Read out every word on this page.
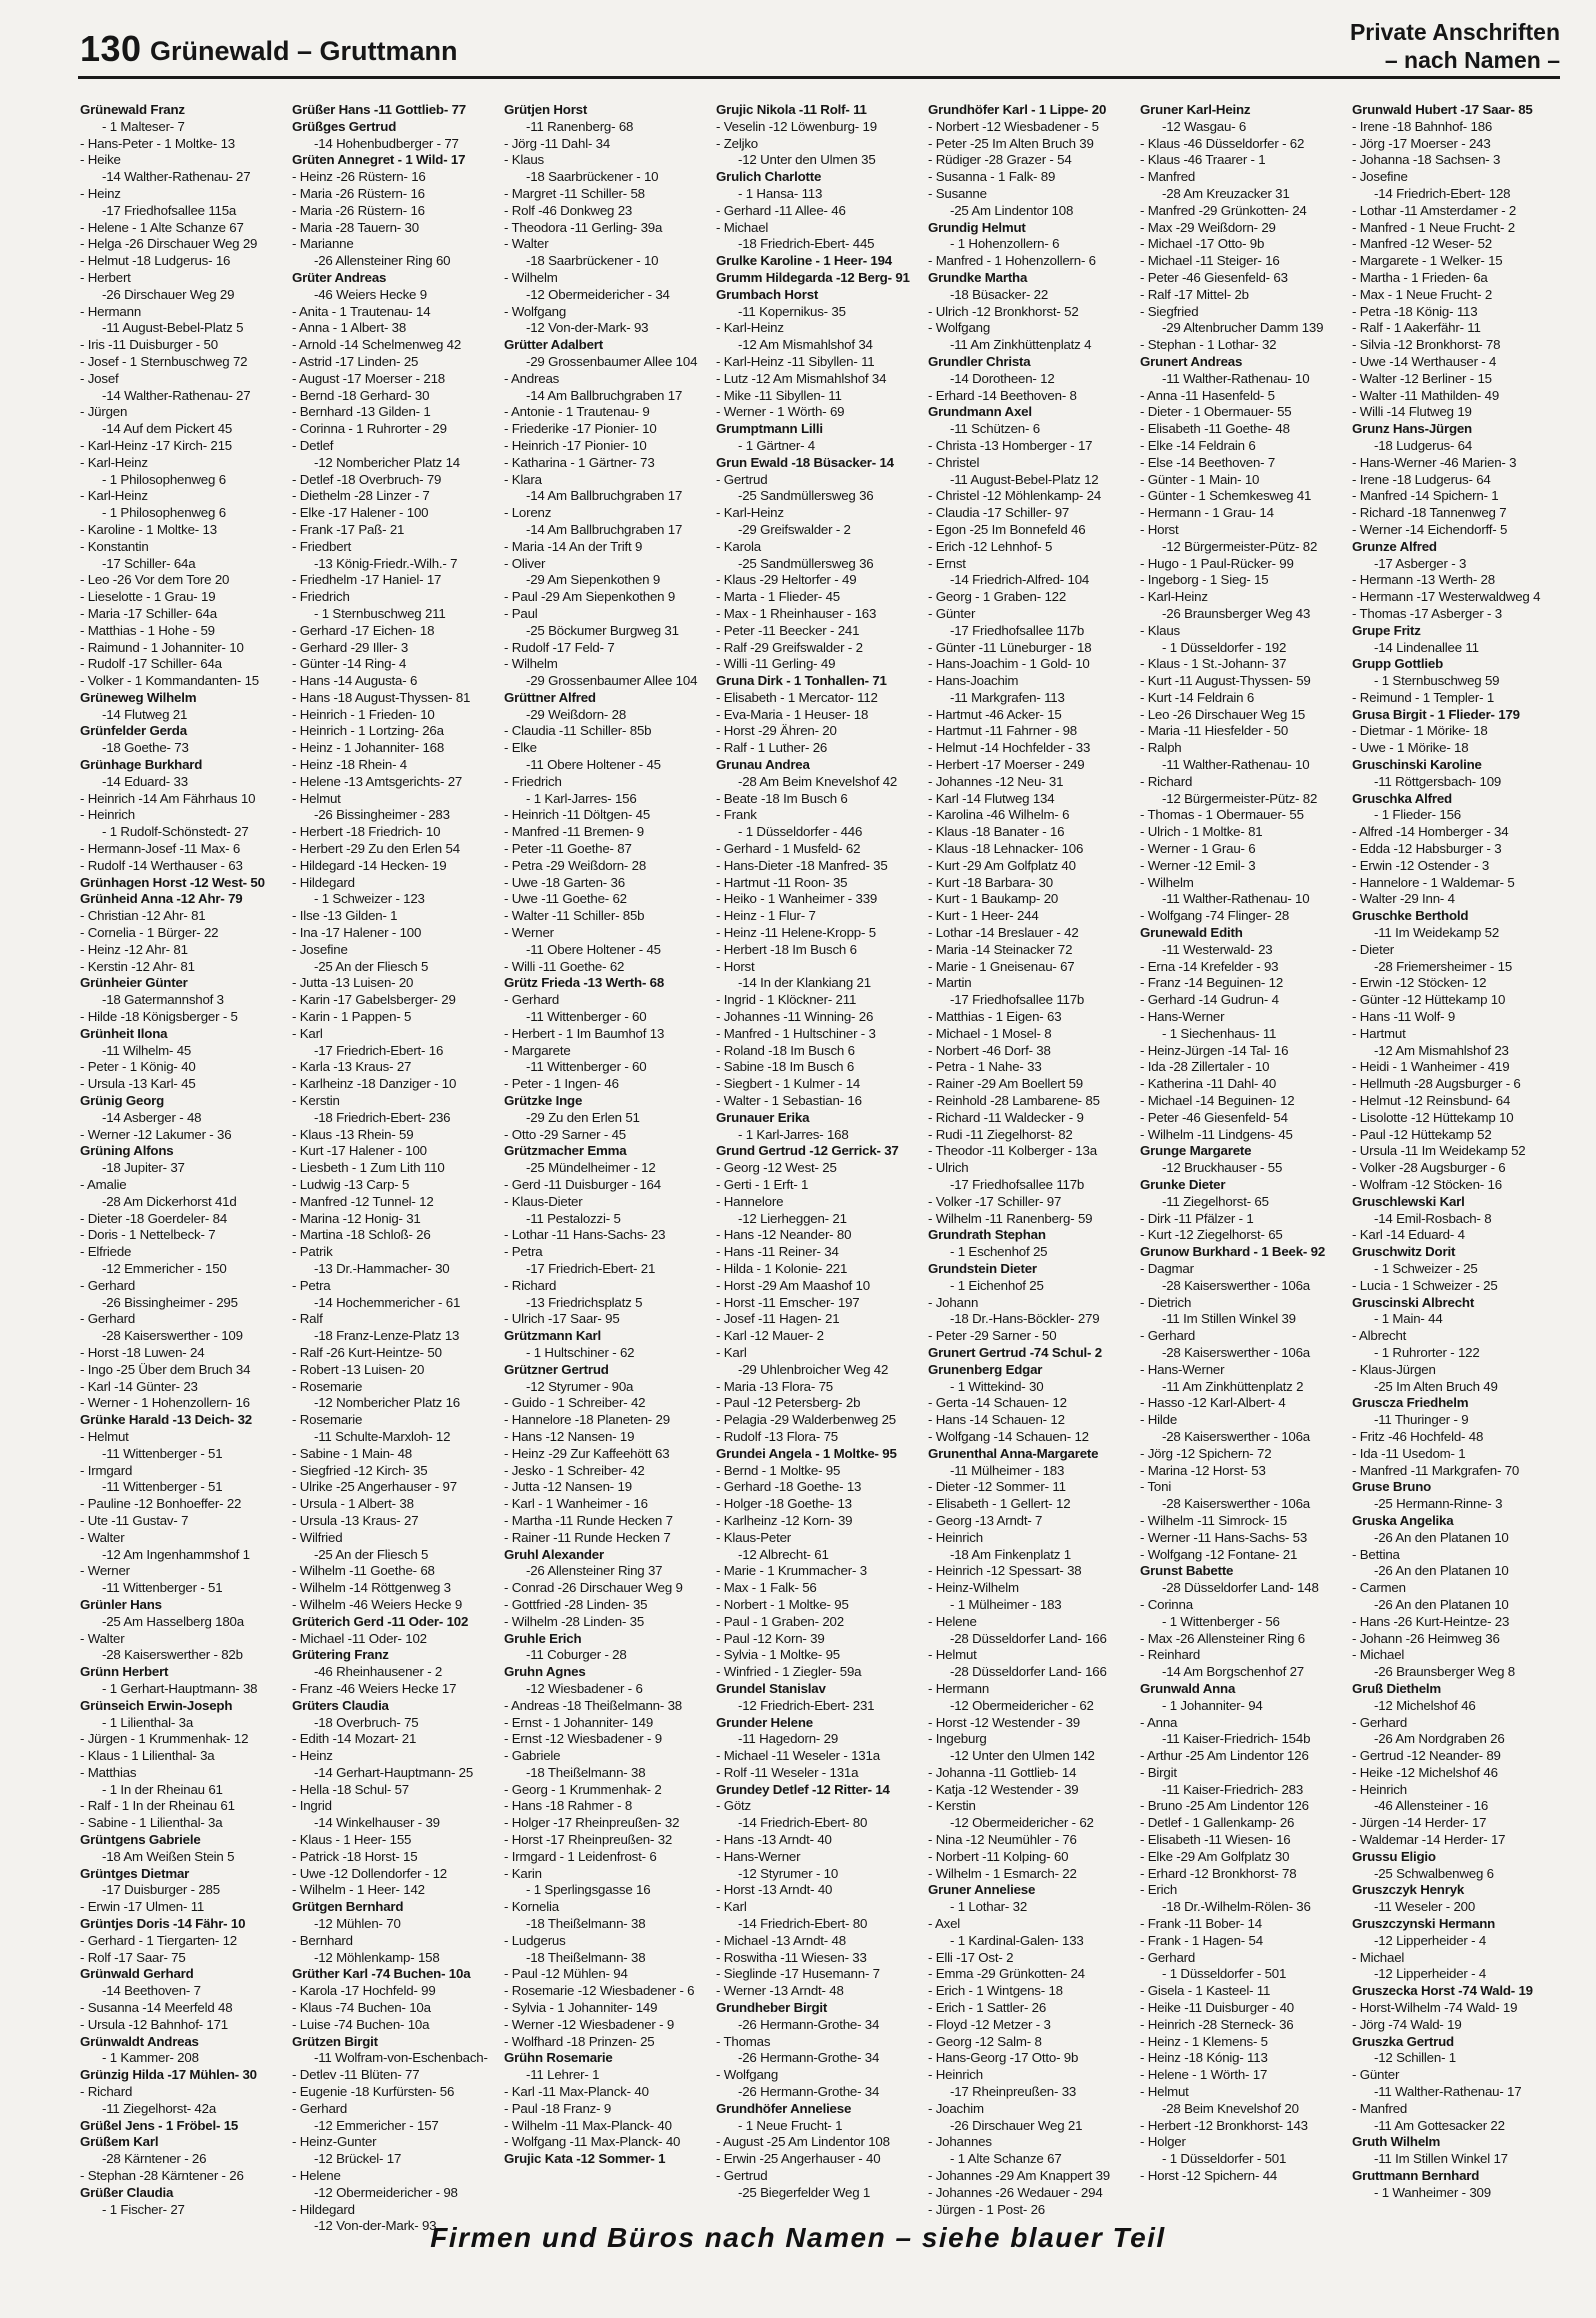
130 Grünewald – Gruttmann
Private Anschriften
– nach Namen –
Grünewald Franz
- 1 Malteser- 7
- Hans-Peter - 1 Moltke- 13
- Heike
-14 Walther-Rathenau- 27
- Heinz
-17 Friedhofsallee 115a
- Helene - 1 Alte Schanze 67
- Helga -26 Dirschauer Weg 29
- Helmut -18 Ludgerus- 16
- Herbert
-26 Dirschauer Weg 29
- Hermann
-11 August-Bebel-Platz 5
- Iris -11 Duisburger - 50
- Josef - 1 Sternbuschweg 72
- Josef
-14 Walther-Rathenau- 27
- Jürgen
-14 Auf dem Pickert 45
- Karl-Heinz -17 Kirch- 215
- Karl-Heinz
- 1 Philosophenweg 6
- Karl-Heinz
- 1 Philosophenweg 6
- Karoline - 1 Moltke- 13
- Konstantin
-17 Schiller- 64a
- Leo -26 Vor dem Tore 20
- Lieselotte - 1 Grau- 19
- Maria -17 Schiller- 64a
- Matthias - 1 Hohe - 59
- Raimund - 1 Johanniter- 10
- Rudolf -17 Schiller- 64a
- Volker - 1 Kommandanten- 15
Grüneweg Wilhelm
-14 Flutweg 21
Grünfelder Gerda
-18 Goethe- 73
Grünhage Burkhard
-14 Eduard- 33
- Heinrich -14 Am Fährhaus 10
- Heinrich
- 1 Rudolf-Schönstedt- 27
- Hermann-Josef -11 Max- 6
- Rudolf -14 Werthauser - 63
Grünhagen Horst -12 West- 50
Grünheid Anna -12 Ahr- 79
- Christian -12 Ahr- 81
- Cornelia - 1 Bürger- 22
- Heinz -12 Ahr- 81
- Kerstin -12 Ahr- 81
Grünheier Günter
-18 Gatermannshof 3
- Hilde -18 Königsberger - 5
Grünheit Ilona
-11 Wilhelm- 45
- Peter - 1 König- 40
- Ursula -13 Karl- 45
Grünig Georg
-14 Asberger - 48
- Werner -12 Lakumer - 36
Grüning Alfons
-18 Jupiter- 37
- Amalie
-28 Am Dickerhorst 41d
- Dieter -18 Goerdeler- 84
- Doris - 1 Nettelbeck- 7
- Elfriede
-12 Emmericher - 150
- Gerhard
-26 Bissingheimer - 295
- Gerhard
-28 Kaiserswerther - 109
- Horst -18 Luwen- 24
- Ingo -25 Über dem Bruch 34
- Karl -14 Günter- 23
- Werner - 1 Hohenzollern- 16
Grünke Harald -13 Deich- 32
- Helmut
-11 Wittenberger - 51
- Irmgard
-11 Wittenberger - 51
- Pauline -12 Bonhoeffer- 22
- Ute -11 Gustav- 7
- Walter
-12 Am Ingenhammshof 1
- Werner
-11 Wittenberger - 51
Grünler Hans
-25 Am Hasselberg 180a
- Walter
-28 Kaiserswerther - 82b
Grünn Herbert
- 1 Gerhart-Hauptmann- 38
Grünseich Erwin-Joseph
- 1 Lilienthal- 3a
- Jürgen - 1 Krummenhak- 12
- Klaus - 1 Lilienthal- 3a
- Matthias
- 1 In der Rheinau 61
- Ralf - 1 In der Rheinau 61
- Sabine - 1 Lilienthal- 3a
Grüntgens Gabriele
-18 Am Weißen Stein 5
Grüntges Dietmar
-17 Duisburger - 285
- Erwin -17 Ulmen- 11
Grüntjes Doris -14 Fähr- 10
- Gerhard - 1 Tiergarten- 12
- Rolf -17 Saar- 75
Grünwald Gerhard
-14 Beethoven- 7
- Susanna -14 Meerfeld 48
- Ursula -12 Bahnhof- 171
Grünwaldt Andreas
- 1 Kammer- 208
Grünzig Hilda -17 Mühlen- 30
- Richard
-11 Ziegelhorst- 42a
Grüßel Jens - 1 Fröbel- 15
Grüßem Karl
-28 Kärntener - 26
- Stephan -28 Kärntener - 26
Grüßer Claudia
- 1 Fischer- 27
Grüßer Hans -11 Gottlieb- 77
Grüßges Gertrud
-14 Hohenbudberger - 77
Grüten Annegret - 1 Wild- 17
- Heinz -26 Rüstern- 16
- Maria -26 Rüstern- 16
- Maria -26 Rüstern- 16
- Maria -28 Tauern- 30
- Marianne
-26 Allensteiner Ring 60
Grüter Andreas
-46 Weiers Hecke 9
- Anita - 1 Trautenau- 14
- Anna - 1 Albert- 38
- Arnold -14 Schelmenweg 42
- Astrid -17 Linden- 25
- August -17 Moerser - 218
- Bernd -18 Gerhard- 30
- Bernhard -13 Gilden- 1
- Corinna - 1 Ruhrorter - 29
- Detlef
-12 Nombericher Platz 14
- Detlef -18 Overbruch- 79
- Diethelm -28 Linzer - 7
- Elke -17 Halener - 100
- Frank -17 Paß- 21
- Friedbert
-13 König-Friedr.-Wilh.- 7
- Friedhelm -17 Haniel- 17
- Friedrich
- 1 Sternbuschweg 211
- Gerhard -17 Eichen- 18
- Gerhard -29 Iller- 3
- Günter -14 Ring- 4
- Hans -14 Augusta- 6
- Hans -18 August-Thyssen- 81
- Heinrich - 1 Frieden- 10
- Heinrich - 1 Lortzing- 26a
- Heinz - 1 Johanniter- 168
- Heinz -18 Rhein- 4
- Helene -13 Amtsgerichts- 27
- Helmut
-26 Bissingheimer - 283
- Herbert -18 Friedrich- 10
- Herbert -29 Zu den Erlen 54
- Hildegard -14 Hecken- 19
- Hildegard
- 1 Schweizer - 123
- Ilse -13 Gilden- 1
- Ina -17 Halener - 100
- Josefine
-25 An der Fliesch 5
- Jutta -13 Luisen- 20
- Karin -17 Gabelsberger- 29
- Karin - 1 Pappen- 5
- Karl
-17 Friedrich-Ebert- 16
- Karla -13 Kraus- 27
- Karlheinz -18 Danziger - 10
- Kerstin
-18 Friedrich-Ebert- 236
- Klaus -13 Rhein- 59
- Kurt -17 Halener - 100
- Liesbeth - 1 Zum Lith 110
- Ludwig -13 Carp- 5
- Manfred -12 Tunnel- 12
- Marina -12 Honig- 31
- Martina -18 Schloß- 26
- Patrik
-13 Dr.-Hammacher- 30
- Petra
-14 Hochemmericher - 61
- Ralf
-18 Franz-Lenze-Platz 13
- Ralf -26 Kurt-Heintze- 50
- Robert -13 Luisen- 20
- Rosemarie
-12 Nombericher Platz 16
- Rosemarie
-11 Schulte-Marxloh- 12
- Sabine - 1 Main- 48
- Siegfried -12 Kirch- 35
- Ulrike -25 Angerhauser - 97
- Ursula - 1 Albert- 38
- Ursula -13 Kraus- 27
- Wilfried
-25 An der Fliesch 5
- Wilhelm -11 Goethe- 68
- Wilhelm -14 Röttgenweg 3
- Wilhelm -46 Weiers Hecke 9
Grüterich Gerd -11 Oder- 102
- Michael -11 Oder- 102
Grütering Franz
-46 Rheinhausener - 2
- Franz -46 Weiers Hecke 17
Grüters Claudia
-18 Overbruch- 75
- Edith -14 Mozart- 21
- Heinz
-14 Gerhart-Hauptmann- 25
- Hella -18 Schul- 57
- Ingrid
-14 Winkelhauser - 39
- Klaus - 1 Heer- 155
- Patrick -18 Horst- 15
- Uwe -12 Dollendorfer - 12
- Wilhelm - 1 Heer- 142
Grütgen Bernhard
-12 Mühlen- 70
- Bernhard
-12 Möhlenkamp- 158
Grüther Karl -74 Buchen- 10a
- Karola -17 Hochfeld- 99
- Klaus -74 Buchen- 10a
- Luise -74 Buchen- 10a
Grützen Birgit
-11 Wolfram-von-Eschenbach-
- Detlev -11 Blüten- 77
- Eugenie -18 Kurfürsten- 56
- Gerhard
-12 Emmericher - 157
- Heinz-Gunter
-12 Brückel- 17
- Helene
-12 Obermeidericher - 98
- Hildegard
-12 Von-der-Mark- 93
Grütjen Horst
-11 Ranenberg- 68
- Jörg -11 Dahl- 34
- Klaus
-18 Saarbrückener - 10
- Margret -11 Schiller- 58
- Rolf -46 Donkweg 23
- Theodora -11 Gerling- 39a
- Walter
-18 Saarbrückener - 10
- Wilhelm
-12 Obermeidericher - 34
- Wolfgang
-12 Von-der-Mark- 93
Grütter Adalbert
-29 Grossenbaumer Allee 104
- Andreas
-14 Am Ballbruchgraben 17
- Antonie - 1 Trautenau- 9
- Friederike -17 Pionier- 10
- Heinrich -17 Pionier- 10
- Katharina - 1 Gärtner- 73
- Klara
-14 Am Ballbruchgraben 17
- Lorenz
-14 Am Ballbruchgraben 17
- Maria -14 An der Trift 9
- Oliver
-29 Am Siepenkothen 9
- Paul -29 Am Siepenkothen 9
- Paul
-25 Böckumer Burgweg 31
- Rudolf -17 Feld- 7
- Wilhelm
-29 Grossenbaumer Allee 104
Grüttner Alfred
-29 Weißdorn- 28
- Claudia -11 Schiller- 85b
- Elke
-11 Obere Holtener - 45
- Friedrich
- 1 Karl-Jarres- 156
- Heinrich -11 Döltgen- 45
- Manfred -11 Bremen- 9
- Peter -11 Goethe- 87
- Petra -29 Weißdorn- 28
- Uwe -18 Garten- 36
- Uwe -11 Goethe- 62
- Walter -11 Schiller- 85b
- Werner
-11 Obere Holtener - 45
- Willi -11 Goethe- 62
Grütz Frieda -13 Werth- 68
- Gerhard
-11 Wittenberger - 60
- Herbert - 1 Im Baumhof 13
- Margarete
-11 Wittenberger - 60
- Peter - 1 Ingen- 46
Grützke Inge
-29 Zu den Erlen 51
- Otto -29 Sarner - 45
Grützmacher Emma
-25 Mündelheimer - 12
- Gerd -11 Duisburger - 164
- Klaus-Dieter
-11 Pestalozzi- 5
- Lothar -11 Hans-Sachs- 23
- Petra
-17 Friedrich-Ebert- 21
- Richard
-13 Friedrichsplatz 5
- Ulrich -17 Saar- 95
Grützmann Karl
- 1 Hultschiner - 62
Grützner Gertrud
-12 Styrumer - 90a
- Guido - 1 Schreiber- 42
- Hannelore -18 Planeten- 29
- Hans -12 Nansen- 19
- Heinz -29 Zur Kaffeehött 63
- Jesko - 1 Schreiber- 42
- Jutta -12 Nansen- 19
- Karl - 1 Wanheimer - 16
- Martha -11 Runde Hecken 7
- Rainer -11 Runde Hecken 7
Gruhl Alexander
-26 Allensteiner Ring 37
- Conrad -26 Dirschauer Weg 9
- Gottfried -28 Linden- 35
- Wilhelm -28 Linden- 35
Gruhle Erich
-11 Coburger - 28
Gruhn Agnes
-12 Wiesbadener - 6
- Andreas -18 Theißelmann- 38
- Ernst - 1 Johanniter- 149
- Ernst -12 Wiesbadener - 9
- Gabriele
-18 Theißelmann- 38
- Georg - 1 Krummenhak- 2
- Hans -18 Rahmer - 8
- Holger -17 Rheinpreußen- 32
- Horst -17 Rheinpreußen- 32
- Irmgard - 1 Leidenfrost- 6
- Karin
- 1 Sperlingsgasse 16
- Kornelia
-18 Theißelmann- 38
- Ludgerus
-18 Theißelmann- 38
- Paul -12 Mühlen- 94
- Rosemarie -12 Wiesbadener - 6
- Sylvia - 1 Johanniter- 149
- Werner -12 Wiesbadener - 9
- Wolfhard -18 Prinzen- 25
Grühn Rosemarie
-11 Lehrer- 1
- Karl -11 Max-Planck- 40
- Paul -18 Franz- 9
- Wilhelm -11 Max-Planck- 40
- Wolfgang -11 Max-Planck- 40
Grujic Kata -12 Sommer- 1
Grujic Nikola -11 Rolf- 11
- Veselin -12 Löwenburg- 19
- Zeljko
-12 Unter den Ulmen 35
Grulich Charlotte
- 1 Hansa- 113
- Gerhard -11 Allee- 46
- Michael
-18 Friedrich-Ebert- 445
Grulke Karoline - 1 Heer- 194
Grumm Hildegarda -12 Berg- 91
Grumbach Horst
-11 Kopernikus- 35
- Karl-Heinz
-12 Am Mismahlshof 34
- Karl-Heinz -11 Sibyllen- 11
- Lutz -12 Am Mismahlshof 34
- Mike -11 Sibyllen- 11
- Werner - 1 Wörth- 69
Grumptmann Lilli
- 1 Gärtner- 4
Grun Ewald -18 Büsacker- 14
- Gertrud
-25 Sandmüllersweg 36
- Karl-Heinz
-29 Greifswalder - 2
- Karola
-25 Sandmüllersweg 36
- Klaus -29 Heltorfer - 49
- Marta - 1 Flieder- 45
- Max - 1 Rheinhauser - 163
- Peter -11 Beecker - 241
- Ralf -29 Greifswalder - 2
- Willi -11 Gerling- 49
Gruna Dirk - 1 Tonhallen- 71
- Elisabeth - 1 Mercator- 112
- Eva-Maria - 1 Heuser- 18
- Horst -29 Ähren- 20
- Ralf - 1 Luther- 26
Grunau Andrea
-28 Am Beim Knevelshof 42
- Beate -18 Im Busch 6
- Frank
- 1 Düsseldorfer - 446
- Gerhard - 1 Musfeld- 62
- Hans-Dieter -18 Manfred- 35
- Hartmut -11 Roon- 35
- Heiko - 1 Wanheimer - 339
- Heinz - 1 Flur- 7
- Heinz -11 Helene-Kropp- 5
- Herbert -18 Im Busch 6
- Horst
-14 In der Klankiang 21
- Ingrid - 1 Klöckner- 211
- Johannes -11 Winning- 26
- Manfred - 1 Hultschiner - 3
- Roland -18 Im Busch 6
- Sabine -18 Im Busch 6
- Siegbert - 1 Kulmer - 14
- Walter - 1 Sebastian- 16
Grunauer Erika
- 1 Karl-Jarres- 168
Grund Gertrud -12 Gerrick- 37
- Georg -12 West- 25
- Gerti - 1 Erft- 1
- Hannelore
-12 Lierheggen- 21
- Hans -12 Neander- 80
- Hans -11 Reiner- 34
- Hilda - 1 Kolonie- 221
- Horst -29 Am Maashof 10
- Horst -11 Emscher- 197
- Josef -11 Hagen- 21
- Karl -12 Mauer- 2
- Karl
-29 Uhlenbroicher Weg 42
- Maria -13 Flora- 75
- Paul -12 Petersberg- 2b
- Pelagia -29 Walderbenweg 25
- Rudolf -13 Flora- 75
Grundei Angela - 1 Moltke- 95
- Bernd - 1 Moltke- 95
- Gerhard -18 Goethe- 13
- Holger -18 Goethe- 13
- Karlheinz -12 Korn- 39
- Klaus-Peter
-12 Albrecht- 61
- Marie - 1 Krummacher- 3
- Max - 1 Falk- 56
- Norbert - 1 Moltke- 95
- Paul - 1 Graben- 202
- Paul -12 Korn- 39
- Sylvia - 1 Moltke- 95
- Winfried - 1 Ziegler- 59a
Grundel Stanislav
-12 Friedrich-Ebert- 231
Grunder Helene
-11 Hagedorn- 29
- Michael -11 Weseler - 131a
- Rolf -11 Weseler - 131a
Grundey Detlef -12 Ritter- 14
- Götz
-14 Friedrich-Ebert- 80
- Hans -13 Arndt- 40
- Hans-Werner
-12 Styrumer - 10
- Horst -13 Arndt- 40
- Karl
-14 Friedrich-Ebert- 80
- Michael -13 Arndt- 48
- Roswitha -11 Wiesen- 33
- Sieglinde -17 Husemann- 7
- Werner -13 Arndt- 48
Grundheber Birgit
-26 Hermann-Grothe- 34
- Thomas
-26 Hermann-Grothe- 34
- Wolfgang
-26 Hermann-Grothe- 34
Grundhöfer Anneliese
- 1 Neue Frucht- 1
- August -25 Am Lindentor 108
- Erwin -25 Angerhauser - 40
- Gertrud
-25 Biegerfelder Weg 1
Grundhöfer Karl - 1 Lippe- 20
- Norbert -12 Wiesbadener - 5
- Peter -25 Im Alten Bruch 39
- Rüdiger -28 Grazer - 54
- Susanna - 1 Falk- 89
- Susanne
-25 Am Lindentor 108
Grundig Helmut
- 1 Hohenzollern- 6
- Manfred - 1 Hohenzollern- 6
Grundke Martha
-18 Büsacker- 22
- Ulrich -12 Bronkhorst- 52
- Wolfgang
-11 Am Zinkhüttenplatz 4
Grundler Christa
-14 Dorotheen- 12
- Erhard -14 Beethoven- 8
Grundmann Axel
-11 Schützen- 6
- Christa -13 Homberger - 17
- Christel
-11 August-Bebel-Platz 12
- Christel -12 Möhlenkamp- 24
- Claudia -17 Schiller- 97
- Egon -25 Im Bonnefeld 46
- Erich -12 Lehnhof- 5
- Ernst
-14 Friedrich-Alfred- 104
- Georg - 1 Graben- 122
- Günter
-17 Friedhofsallee 117b
- Günter -11 Lüneburger - 18
- Hans-Joachim - 1 Gold- 10
- Hans-Joachim
-11 Markgrafen- 113
- Hartmut -46 Acker- 15
- Hartmut -11 Fahrner - 98
- Helmut -14 Hochfelder - 33
- Herbert -17 Moerser - 249
- Johannes -12 Neu- 31
- Karl -14 Flutweg 134
- Karolina -46 Wilhelm- 6
- Klaus -18 Banater - 16
- Klaus -18 Lehnacker- 106
- Kurt -29 Am Golfplatz 40
- Kurt -18 Barbara- 30
- Kurt - 1 Baukamp- 20
- Kurt - 1 Heer- 244
- Lothar -14 Breslauer - 42
- Maria -14 Steinacker 72
- Marie - 1 Gneisenau- 67
- Martin
-17 Friedhofsallee 117b
- Matthias - 1 Eigen- 63
- Michael - 1 Mosel- 8
- Norbert -46 Dorf- 38
- Petra - 1 Nahe- 33
- Rainer -29 Am Boellert 59
- Reinhold -28 Lambarene- 85
- Richard -11 Waldecker - 9
- Rudi -11 Ziegelhorst- 82
- Theodor -11 Kolberger - 13a
- Ulrich
-17 Friedhofsallee 117b
- Volker -17 Schiller- 97
- Wilhelm -11 Ranenberg- 59
Grundrath Stephan
- 1 Eschenhof 25
Grundstein Dieter
- 1 Eichenhof 25
- Johann
-18 Dr.-Hans-Böckler- 279
- Peter -29 Sarner - 50
Grunert Gertrud -74 Schul- 2
Grunenberg Edgar
- 1 Wittekind- 30
- Gerta -14 Schauen- 12
- Hans -14 Schauen- 12
- Wolfgang -14 Schauen- 12
Grunenthal Anna-Margarete
-11 Mülheimer - 183
- Dieter -12 Sommer- 11
- Elisabeth - 1 Gellert- 12
- Georg -13 Arndt- 7
- Heinrich
-18 Am Finkenplatz 1
- Heinrich -12 Spessart- 38
- Heinz-Wilhelm
- 1 Mülheimer - 183
- Helene
-28 Düsseldorfer Land- 166
- Helmut
-28 Düsseldorfer Land- 166
- Hermann
-12 Obermeidericher - 62
- Horst -12 Westender - 39
- Ingeburg
-12 Unter den Ulmen 142
- Johanna -11 Gottlieb- 14
- Katja -12 Westender - 39
- Kerstin
-12 Obermeidericher - 62
- Nina -12 Neumühler - 76
- Norbert -11 Kolping- 60
- Wilhelm - 1 Esmarch- 22
Gruner Anneliese
- 1 Lothar- 32
- Axel
- 1 Kardinal-Galen- 133
- Elli -17 Ost- 2
- Emma -29 Grünkotten- 24
- Erich - 1 Wintgens- 18
- Erich - 1 Sattler- 26
- Floyd -12 Metzer - 3
- Georg -12 Salm- 8
- Hans-Georg -17 Otto- 9b
- Heinrich
-17 Rheinpreußen- 33
- Joachim
-26 Dirschauer Weg 21
- Johannes
- 1 Alte Schanze 67
- Johannes -29 Am Knappert 39
- Johannes -26 Wedauer - 294
- Jürgen - 1 Post- 26
Gruner Karl-Heinz
-12 Wasgau- 6
- Klaus -46 Düsseldorfer - 62
- Klaus -46 Traarer - 1
- Manfred
-28 Am Kreuzacker 31
- Manfred -29 Grünkotten- 24
- Max -29 Weißdorn- 29
- Michael -17 Otto- 9b
- Michael -11 Steiger- 16
- Peter -46 Giesenfeld- 63
- Ralf -17 Mittel- 2b
- Siegfried
-29 Altenbrucher Damm 139
- Stephan - 1 Lothar- 32
Grunert Andreas
-11 Walther-Rathenau- 10
- Anna -11 Hasenfeld- 5
- Dieter - 1 Obermauer- 55
- Elisabeth -11 Goethe- 48
- Elke -14 Feldrain 6
- Else -14 Beethoven- 7
- Günter - 1 Main- 10
- Günter - 1 Schemkesweg 41
- Hermann - 1 Grau- 14
- Horst
-12 Bürgermeister-Pütz- 82
- Hugo - 1 Paul-Rücker- 99
- Ingeborg - 1 Sieg- 15
- Karl-Heinz
-26 Braunsberger Weg 43
- Klaus
- 1 Düsseldorfer - 192
- Klaus - 1 St.-Johann- 37
- Kurt -11 August-Thyssen- 59
- Kurt -14 Feldrain 6
- Leo -26 Dirschauer Weg 15
- Maria -11 Hiesfelder - 50
- Ralph
-11 Walther-Rathenau- 10
- Richard
-12 Bürgermeister-Pütz- 82
- Thomas - 1 Obermauer- 55
- Ulrich - 1 Moltke- 81
- Werner - 1 Grau- 6
- Werner -12 Emil- 3
- Wilhelm
-11 Walther-Rathenau- 10
- Wolfgang -74 Flinger- 28
Grunewald Edith
-11 Westerwald- 23
- Erna -14 Krefelder - 93
- Franz -14 Beguinen- 12
- Gerhard -14 Gudrun- 4
- Hans-Werner
- 1 Siechenhaus- 11
- Heinz-Jürgen -14 Tal- 16
- Ida -28 Zillertaler - 10
- Katherina -11 Dahl- 40
- Michael -14 Beguinen- 12
- Peter -46 Giesenfeld- 54
- Wilhelm -11 Lindgens- 45
Grunge Margarete
-12 Bruckhauser - 55
Grunke Dieter
-11 Ziegelhorst- 65
- Dirk -11 Pfälzer - 1
- Kurt -12 Ziegelhorst- 65
Grunow Burkhard - 1 Beek- 92
- Dagmar
-28 Kaiserswerther - 106a
- Dietrich
-11 Im Stillen Winkel 39
- Gerhard
-28 Kaiserswerther - 106a
- Hans-Werner
-11 Am Zinkhüttenplatz 2
- Hasso -12 Karl-Albert- 4
- Hilde
-28 Kaiserswerther - 106a
- Jörg -12 Spichern- 72
- Marina -12 Horst- 53
- Toni
-28 Kaiserswerther - 106a
- Wilhelm -11 Simrock- 15
- Werner -11 Hans-Sachs- 53
- Wolfgang -12 Fontane- 21
Grunst Babette
-28 Düsseldorfer Land- 148
- Corinna
- 1 Wittenberger - 56
- Max -26 Allensteiner Ring 6
- Reinhard
-14 Am Borgschenhof 27
Grunwald Anna
- 1 Johanniter- 94
- Anna
-11 Kaiser-Friedrich- 154b
- Arthur -25 Am Lindentor 126
- Birgit
-11 Kaiser-Friedrich- 283
- Bruno -25 Am Lindentor 126
- Detlef - 1 Gallenkamp- 26
- Elisabeth -11 Wiesen- 16
- Elke -29 Am Golfplatz 30
- Erhard -12 Bronkhorst- 78
- Erich
-18 Dr.-Wilhelm-Rölen- 36
- Frank -11 Bober- 14
- Frank - 1 Hagen- 54
- Gerhard
- 1 Düsseldorfer - 501
- Gisela - 1 Kasteel- 11
- Heike -11 Duisburger - 40
- Heinrich -28 Sterneck- 36
- Heinz - 1 Klemens- 5
- Heinz -18 Kónig- 113
- Helene - 1 Wörth- 17
- Helmut
-28 Beim Knevelshof 20
- Herbert -12 Bronkhorst- 143
- Holger
- 1 Düsseldorfer - 501
- Horst -12 Spichern- 44
Grunwald Hubert -17 Saar- 85
- Irene -18 Bahnhof- 186
- Jörg -17 Moerser - 243
- Johanna -18 Sachsen- 3
- Josefine
-14 Friedrich-Ebert- 128
- Lothar -11 Amsterdamer - 2
- Manfred - 1 Neue Frucht- 2
- Manfred -12 Weser- 52
- Margarete - 1 Welker- 15
- Martha - 1 Frieden- 6a
- Max - 1 Neue Frucht- 2
- Petra -18 König- 113
- Ralf - 1 Aakerfähr- 11
- Silvia -12 Bronkhorst- 78
- Uwe -14 Werthauser - 4
- Walter -12 Berliner - 15
- Walter -11 Mathilden- 49
- Willi -14 Flutweg 19
Grunz Hans-Jürgen
-18 Ludgerus- 64
- Hans-Werner -46 Marien- 3
- Irene -18 Ludgerus- 64
- Manfred -14 Spichern- 1
- Richard -18 Tannenweg 7
- Werner -14 Eichendorff- 5
Grunze Alfred
-17 Asberger - 3
- Hermann -13 Werth- 28
- Hermann -17 Westerwaldweg 4
- Thomas -17 Asberger - 3
Grupe Fritz
-14 Lindenallee 11
Grupp Gottlieb
- 1 Sternbuschweg 59
- Reimund - 1 Templer- 1
Grusa Birgit - 1 Flieder- 179
- Dietmar - 1 Mörike- 18
- Uwe - 1 Mörike- 18
Gruschinski Karoline
-11 Röttgersbach- 109
Gruschka Alfred
- 1 Flieder- 156
- Alfred -14 Homberger - 34
- Edda -12 Habsburger - 3
- Erwin -12 Ostender - 3
- Hannelore - 1 Waldemar- 5
- Walter -29 Inn- 4
Gruschke Berthold
-11 Im Weidekamp 52
- Dieter
-28 Friemersheimer - 15
- Erwin -12 Stöcken- 12
- Günter -12 Hüttekamp 10
- Hans -11 Wolf- 9
- Hartmut
-12 Am Mismahlshof 23
- Heidi - 1 Wanheimer - 419
- Hellmuth -28 Augsburger - 6
- Helmut -12 Reinsbund- 64
- Lisolotte -12 Hüttekamp 10
- Paul -12 Hüttekamp 52
- Ursula -11 Im Weidekamp 52
- Volker -28 Augsburger - 6
- Wolfram -12 Stöcken- 16
Gruschlewski Karl
-14 Emil-Rosbach- 8
- Karl -14 Eduard- 4
Gruschwitz Dorit
- 1 Schweizer - 25
- Lucia - 1 Schweizer - 25
Gruscinski Albrecht
- 1 Main- 44
- Albrecht
- 1 Ruhrorter - 122
- Klaus-Jürgen
-25 Im Alten Bruch 49
Gruscza Friedhelm
-11 Thuringer - 9
- Fritz -46 Hochfeld- 48
- Ida -11 Usedom- 1
- Manfred -11 Markgrafen- 70
Gruse Bruno
-25 Hermann-Rinne- 3
Gruska Angelika
-26 An den Platanen 10
- Bettina
-26 An den Platanen 10
- Carmen
-26 An den Platanen 10
- Hans -26 Kurt-Heintze- 23
- Johann -26 Heimweg 36
- Michael
-26 Braunsberger Weg 8
Gruß Diethelm
-12 Michelshof 46
- Gerhard
-26 Am Nordgraben 26
- Gertrud -12 Neander- 89
- Heike -12 Michelshof 46
- Heinrich
-46 Allensteiner - 16
- Jürgen -14 Herder- 17
- Waldemar -14 Herder- 17
Grussu Eligio
-25 Schwalbenweg 6
Gruszczyk Henryk
-11 Weseler - 200
Gruszczynski Hermann
-12 Lipperheider - 4
- Michael
-12 Lipperheider - 4
Gruszecka Horst -74 Wald- 19
- Horst-Wilhelm -74 Wald- 19
- Jörg -74 Wald- 19
Gruszka Gertrud
-12 Schillen- 1
- Günter
-11 Walther-Rathenau- 17
- Manfred
-11 Am Gottesacker 22
Gruth Wilhelm
-11 Im Stillen Winkel 17
Gruttmann Bernhard
- 1 Wanheimer - 309
Firmen und Büros nach Namen – siehe blauer Teil
